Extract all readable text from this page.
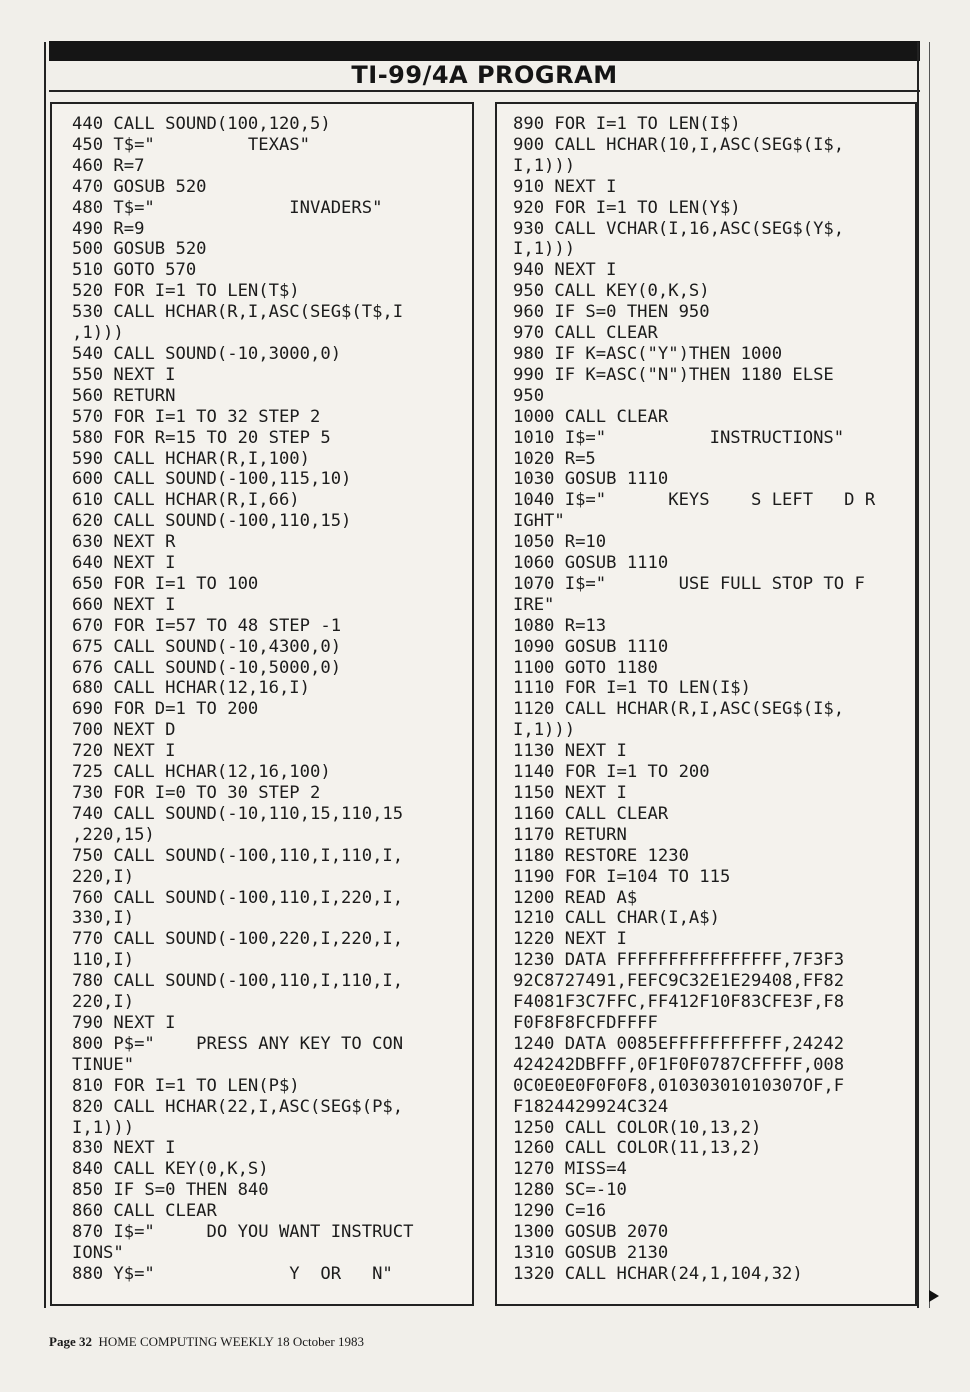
TI-99/4A PROGRAM
440 CALL SOUND(100,120,5)
450 T$="         TEXAS"
460 R=7
470 GOSUB 520
480 T$="             INVADERS"
490 R=9
500 GOSUB 520
510 GOTO 570
520 FOR I=1 TO LEN(T$)
530 CALL HCHAR(R,I,ASC(SEG$(T$,I
,1)))
540 CALL SOUND(-10,3000,0)
550 NEXT I
560 RETURN
570 FOR I=1 TO 32 STEP 2
580 FOR R=15 TO 20 STEP 5
590 CALL HCHAR(R,I,100)
600 CALL SOUND(-100,115,10)
610 CALL HCHAR(R,I,66)
620 CALL SOUND(-100,110,15)
630 NEXT R
640 NEXT I
650 FOR I=1 TO 100
660 NEXT I
670 FOR I=57 TO 48 STEP -1
675 CALL SOUND(-10,4300,0)
676 CALL SOUND(-10,5000,0)
680 CALL HCHAR(12,16,I)
690 FOR D=1 TO 200
700 NEXT D
720 NEXT I
725 CALL HCHAR(12,16,100)
730 FOR I=0 TO 30 STEP 2
740 CALL SOUND(-10,110,15,110,15
,220,15)
750 CALL SOUND(-100,110,I,110,I,
220,I)
760 CALL SOUND(-100,110,I,220,I,
330,I)
770 CALL SOUND(-100,220,I,220,I,
110,I)
780 CALL SOUND(-100,110,I,110,I,
220,I)
790 NEXT I
800 P$="    PRESS ANY KEY TO CON
TINUE"
810 FOR I=1 TO LEN(P$)
820 CALL HCHAR(22,I,ASC(SEG$(P$,
I,1)))
830 NEXT I
840 CALL KEY(0,K,S)
850 IF S=0 THEN 840
860 CALL CLEAR
870 I$="     DO YOU WANT INSTRUCT
IONS"
880 Y$="             Y  OR   N"
890 FOR I=1 TO LEN(I$)
900 CALL HCHAR(10,I,ASC(SEG$(I$,
I,1)))
910 NEXT I
920 FOR I=1 TO LEN(Y$)
930 CALL VCHAR(I,16,ASC(SEG$(Y$,
I,1)))
940 NEXT I
950 CALL KEY(0,K,S)
960 IF S=0 THEN 950
970 CALL CLEAR
980 IF K=ASC("Y")THEN 1000
990 IF K=ASC("N")THEN 1180 ELSE
950
1000 CALL CLEAR
1010 I$="          INSTRUCTIONS"
1020 R=5
1030 GOSUB 1110
1040 I$="      KEYS    S LEFT   D R
IGHT"
1050 R=10
1060 GOSUB 1110
1070 I$="       USE FULL STOP TO F
IRE"
1080 R=13
1090 GOSUB 1110
1100 GOTO 1180
1110 FOR I=1 TO LEN(I$)
1120 CALL HCHAR(R,I,ASC(SEG$(I$,
I,1)))
1130 NEXT I
1140 FOR I=1 TO 200
1150 NEXT I
1160 CALL CLEAR
1170 RETURN
1180 RESTORE 1230
1190 FOR I=104 TO 115
1200 READ A$
1210 CALL CHAR(I,A$)
1220 NEXT I
1230 DATA FFFFFFFFFFFFFFFF,7F3F3
92C8727491,FEFC9C32E1E29408,FF82
F4081F3C7FFC,FF412F10F83CFE3F,F8
F0F8F8FCFDFFFF
1240 DATA 0085EFFFFFFFFFFF,24242
424242DBFFF,0F1F0F0787CFFFFF,008
0C0E0E0F0F0F8,01030301010307OF,F
F1824429924C324
1250 CALL COLOR(10,13,2)
1260 CALL COLOR(11,13,2)
1270 MISS=4
1280 SC=-10
1290 C=16
1300 GOSUB 2070
1310 GOSUB 2130
1320 CALL HCHAR(24,1,104,32)
Page 32 HOME COMPUTING WEEKLY 18 October 1983
